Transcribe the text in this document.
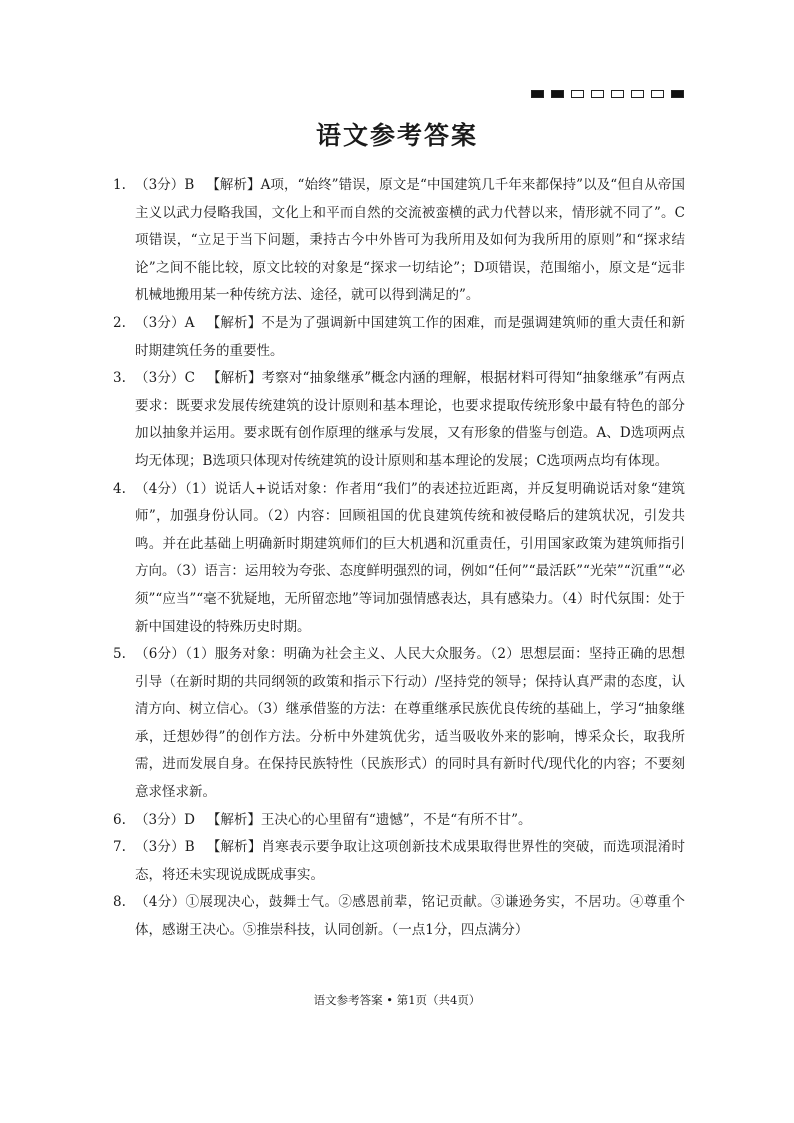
语文参考答案
1. （3分）B 【解析】A项，“始终”错误，原文是“中国建筑几千年来都保持”以及“但自从帝国主义以武力侵略我国，文化上和平而自然的交流被蛮横的武力代替以来，情形就不同了”。C项错误，“立足于当下问题，秉持古今中外皆可为我所用及如何为我所用的原则”和“探求结论”之间不能比较，原文比较的对象是“探求一切结论”；D项错误，范围缩小，原文是“远非机械地搬用某一种传统方法、途径，就可以得到满足的”。
2. （3分）A 【解析】不是为了强调新中国建筑工作的困难，而是强调建筑师的重大责任和新时期建筑任务的重要性。
3. （3分）C 【解析】考察对“抽象继承”概念内涵的理解，根据材料可得知“抽象继承”有两点要求：既要求发展传统建筑的设计原则和基本理论，也要求提取传统形象中最有特色的部分加以抽象并运用。要求既有创作原理的继承与发展，又有形象的借鉴与创造。A、D选项两点均无体现；B选项只体现对传统建筑的设计原则和基本理论的发展；C选项两点均有体现。
4. （4分）（1）说话人+说话对象：作者用“我们”的表述拉近距离，并反复明确说话对象“建筑师”，加强身份认同。（2）内容：回顾祖国的优良建筑传统和被侵略后的建筑状况，引发共鸣。并在此基础上明确新时期建筑师们的巨大机遇和沉重责任，引用国家政策为建筑师指引方向。（3）语言：运用较为夸张、态度鲜明强烈的词，例如“任何”“最活跃”“光荣”“沉重”“必须”“应当”“毫不犹疑地，无所留恋地”等词加强情感表达，具有感染力。（4）时代氛围：处于新中国建设的特殊历史时期。
5. （6分）（1）服务对象：明确为社会主义、人民大众服务。（2）思想层面：坚持正确的思想引导（在新时期的共同纲领的政策和指示下行动）/坚持党的领导；保持认真严肃的态度，认清方向、树立信心。（3）继承借鉴的方法：在尊重继承民族优良传统的基础上，学习“抽象继承，迁想妙得”的创作方法。分析中外建筑优劣，适当吸收外来的影响，博采众长，取我所需，进而发展自身。在保持民族特性（民族形式）的同时具有新时代/现代化的内容；不要刻意求怪求新。
6. （3分）D 【解析】王决心的心里留有“遗憾”，不是“有所不甘”。
7. （3分）B 【解析】肖寒表示要争取让这项创新技术成果取得世界性的突破，而选项混淆时态，将还未实现说成既成事实。
8. （4分）①展现决心，鼓舞士气。②感恩前辈，铭记贡献。③谦逊务实，不居功。④尊重个体，感谢王决心。⑤推崇科技，认同创新。（一点1分，四点满分）
语文参考答案 • 第1页（共4页）
